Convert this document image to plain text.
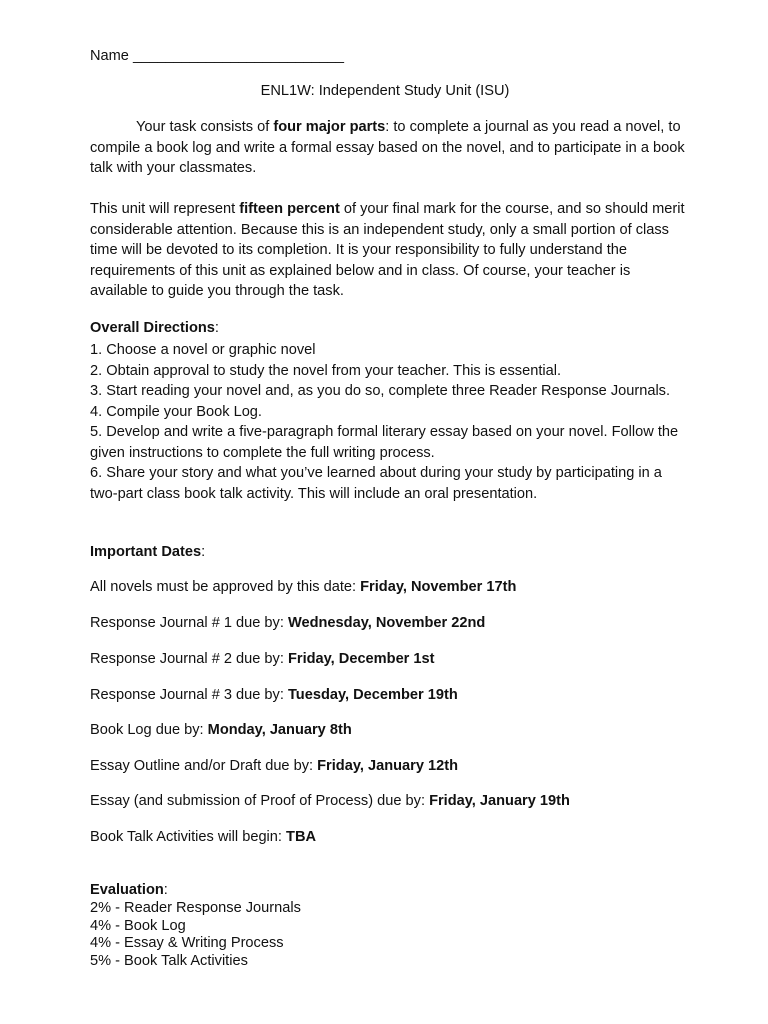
Name __________________________
ENL1W: Independent Study Unit (ISU)
Your task consists of four major parts: to complete a journal as you read a novel, to compile a book log and write a formal essay based on the novel, and to participate in a book talk with your classmates.
This unit will represent fifteen percent of your final mark for the course, and so should merit considerable attention. Because this is an independent study, only a small portion of class time will be devoted to its completion. It is your responsibility to fully understand the requirements of this unit as explained below and in class. Of course, your teacher is available to guide you through the task.
Overall Directions:
1. Choose a novel or graphic novel
2. Obtain approval to study the novel from your teacher. This is essential.
3. Start reading your novel and, as you do so, complete three Reader Response Journals.
4. Compile your Book Log.
5. Develop and write a five-paragraph formal literary essay based on your novel. Follow the given instructions to complete the full writing process.
6. Share your story and what you’ve learned about during your study by participating in a two-part class book talk activity. This will include an oral presentation.
Important Dates:
All novels must be approved by this date: Friday, November 17th
Response Journal # 1 due by: Wednesday, November 22nd
Response Journal # 2 due by: Friday, December 1st
Response Journal # 3 due by: Tuesday, December 19th
Book Log due by: Monday, January 8th
Essay Outline and/or Draft due by: Friday, January 12th
Essay (and submission of Proof of Process) due by: Friday, January 19th
Book Talk Activities will begin: TBA
Evaluation:
2% - Reader Response Journals
4% - Book Log
4% - Essay & Writing Process
5% - Book Talk Activities
